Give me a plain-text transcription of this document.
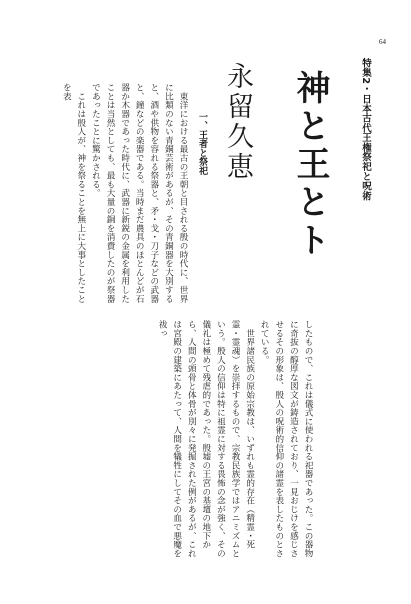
64
特集2・日本古代王権祭祀と呪術
神と王とト
永留久恵
一、王者と祭祀

東洋における最古の王朝と目される殷の時代に、世界に比類のない青銅芸術があるが、その青銅器を大別すると、酒や供物を容れる祭器と、矛・戈・刀子などの武器と、鐘などの楽器である。当時まだ農具のほとんどが石器か木器であった時代に、武器に新鋭の金属を利用したことは当然としても、最も大量の銅を消費したのが祭器であったことに驚かされる。

これは殷人が、神を祭ることを無上に大事としたことを表

したもので、これは儀式に使われる祀器であった。この器物に奇抜の醇厚な図文が鋳造されており、一見おじけを感じさせるその形象は、殷人の呪術的信仰の諸霊を表したものとされている。

世界諸民族の原始宗教は、いずれも霊的存在（精霊・死霊・霊魂）を崇拝するもので、宗教民族学ではアニミズムという。殷人の信仰は特に祖霊に対する畏怖の念が強く、その儀礼は極めて残虐的であった。殷墟の王宮の基壇の地下から、人間の頭骨と体骨が別々に発掘された例があるが、これは宮殿の建築にあたって、人間を犠牲にしてその血で悪魔を祓っ
